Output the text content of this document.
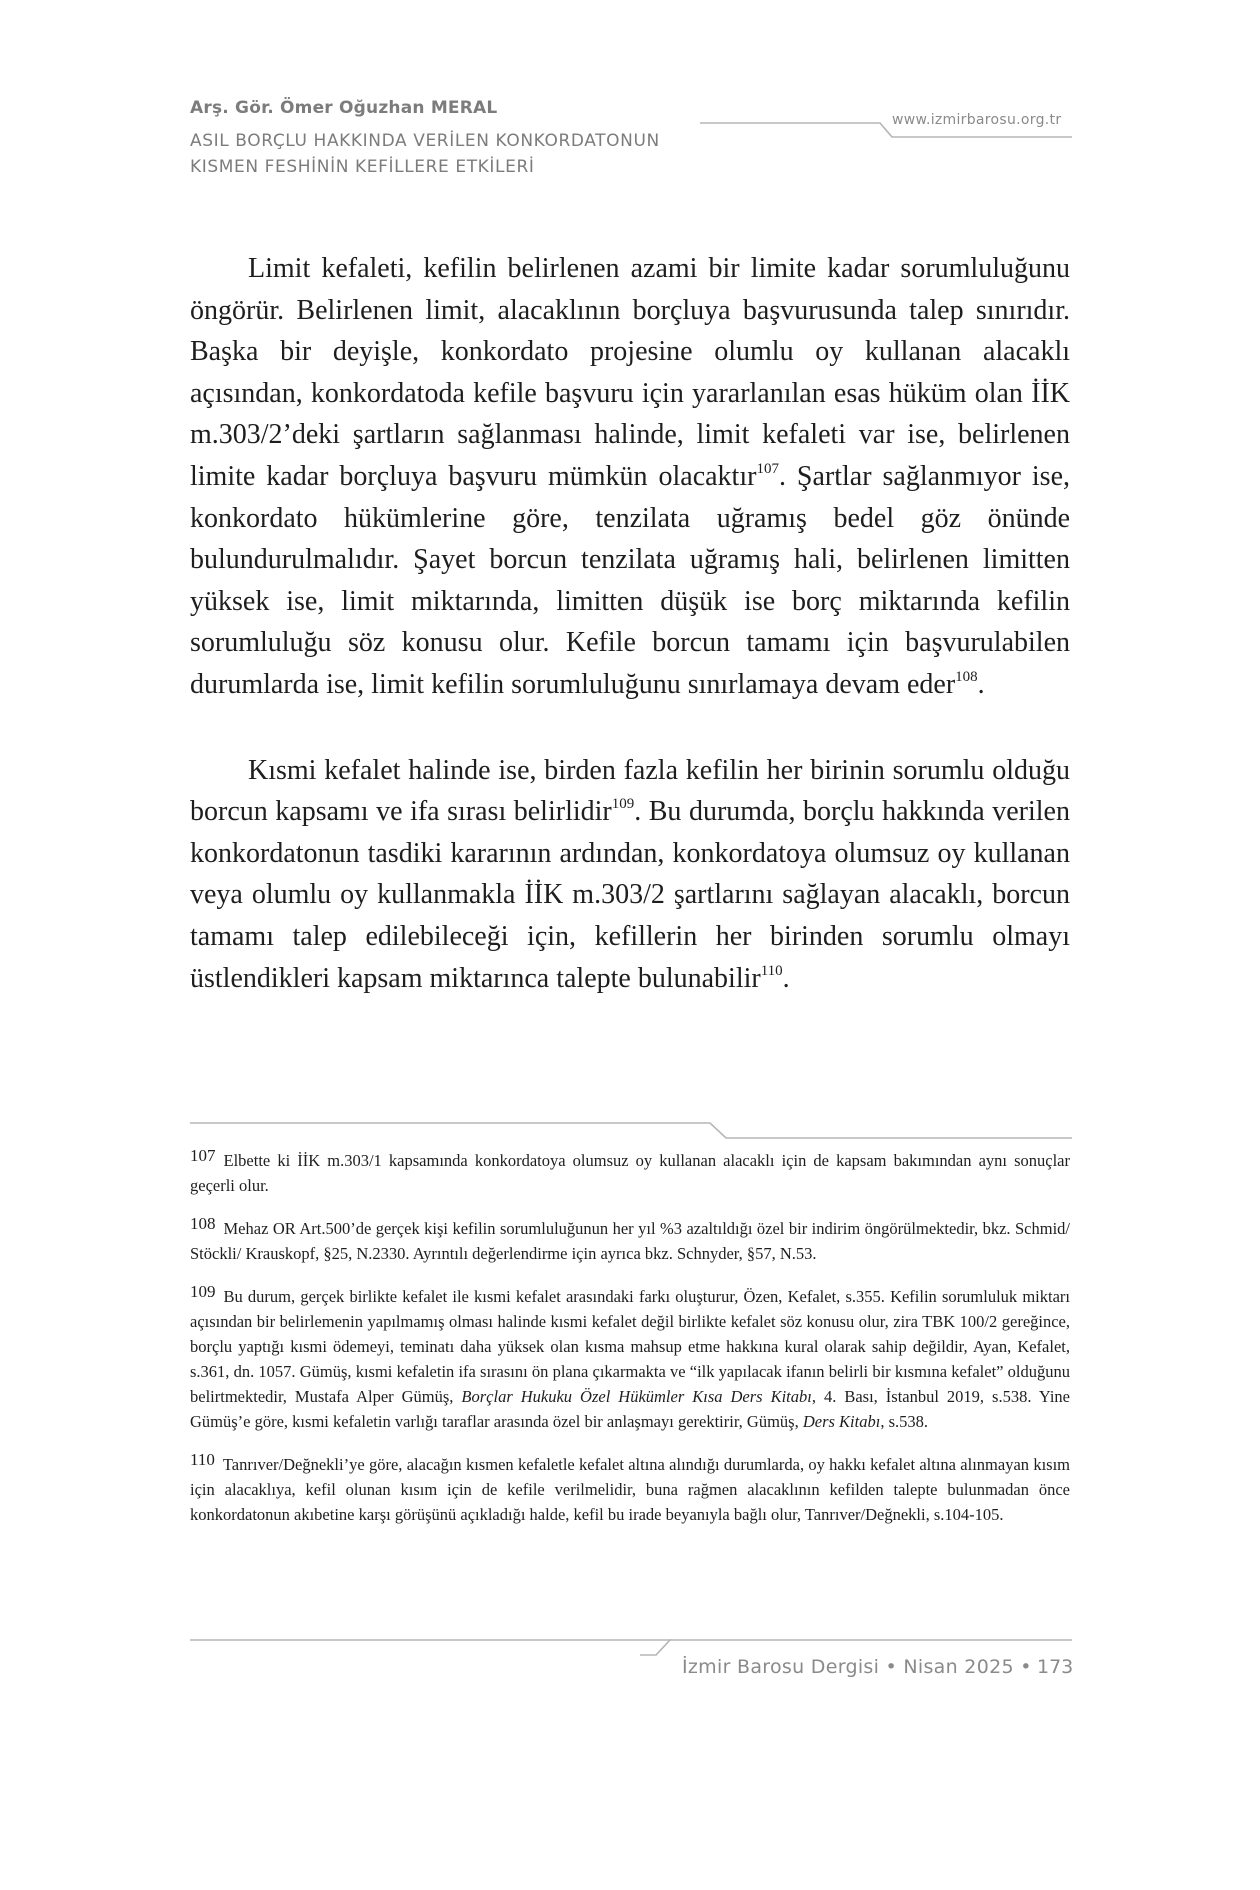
Arş. Gör. Ömer Oğuzhan MERAL
ASIL BORÇLU HAKKINDA VERİLEN KONKORDATONUN
KISMEN FESHİNİN KEFİLLERE ETKİLERİ
www.izmirbarosu.org.tr

Limit kefaleti, kefilin belirlenen azami bir limite kadar sorumluluğunu öngörür. Belirlenen limit, alacaklının borçluya başvurusunda talep sınırıdır. Başka bir deyişle, konkordato projesine olumlu oy kullanan alacaklı açısından, konkordatoda kefile başvuru için yararlanılan esas hüküm olan İİK m.303/2’deki şartların sağlanması halinde, limit kefaleti var ise, belirlenen limite kadar borçluya başvuru mümkün olacaktır$^{107}$. Şartlar sağlanmıyor ise, konkordato hükümlerine göre, tenzilata uğramış bedel göz önünde bulundurulmalıdır. Şayet borcun tenzilata uğramış hali, belirlenen limitten yüksek ise, limit miktarında, limitten düşük ise borç miktarında kefilin sorumluluğu söz konusu olur. Kefile borcun tamamı için başvurulabilen durumlarda ise, limit kefilin sorumluluğunu sınırlamaya devam eder$^{108}$.

Kısmi kefalet halinde ise, birden fazla kefilin her birinin sorumlu olduğu borcun kapsamı ve ifa sırası belirlidir$^{109}$. Bu durumda, borçlu hakkında verilen konkordatonun tasdiki kararının ardından, konkordatoya olumsuz oy kullanan veya olumlu oy kullanmakla İİK m.303/2 şartlarını sağlayan alacaklı, borcun tamamı talep edilebileceği için, kefillerin her birinden sorumlu olmayı üstlendikleri kapsam miktarınca talepte bulunabilir$^{110}$.

107 Elbette ki İİK m.303/1 kapsamında konkordatoya olumsuz oy kullanan alacaklı için de kapsam bakımından aynı sonuçlar geçerli olur.

108 Mehaz OR Art.500’de gerçek kişi kefilin sorumluluğunun her yıl %3 azaltıldığı özel bir indirim öngörülmektedir, bkz. Schmid/ Stöckli/ Krauskopf, §25, N.2330. Ayrıntılı değerlendirme için ayrıca bkz. Schnyder, §57, N.53.

109 Bu durum, gerçek birlikte kefalet ile kısmi kefalet arasındaki farkı oluşturur, Özen, Kefalet, s.355. Kefilin sorumluluk miktarı açısından bir belirlemenin yapılmamış olması halinde kısmi kefalet değil birlikte kefalet söz konusu olur, zira TBK 100/2 gereğince, borçlu yaptığı kısmi ödemeyi, teminatı daha yüksek olan kısma mahsup etme hakkına kural olarak sahip değildir, Ayan, Kefalet, s.361, dn. 1057. Gümüş, kısmi kefaletin ifa sırasını ön plana çıkarmakta ve “ilk yapılacak ifanın belirli bir kısmına kefalet” olduğunu belirtmektedir, Mustafa Alper Gümüş, Borçlar Hukuku Özel Hükümler Kısa Ders Kitabı, 4. Bası, İstanbul 2019, s.538. Yine Gümüş’e göre, kısmi kefaletin varlığı taraflar arasında özel bir anlaşmayı gerektirir, Gümüş, Ders Kitabı, s.538.

110 Tanrıver/Değnekli’ye göre, alacağın kısmen kefaletle kefalet altına alındığı durumlarda, oy hakkı kefalet altına alınmayan kısım için alacaklıya, kefil olunan kısım için de kefile verilmelidir, buna rağmen alacaklının kefilden talepte bulunmadan önce konkordatonun akıbetine karşı görüşünü açıkladığı halde, kefil bu irade beyanıyla bağlı olur, Tanrıver/Değnekli, s.104-105.

İzmir Barosu Dergisi • Nisan 2025 • 173
